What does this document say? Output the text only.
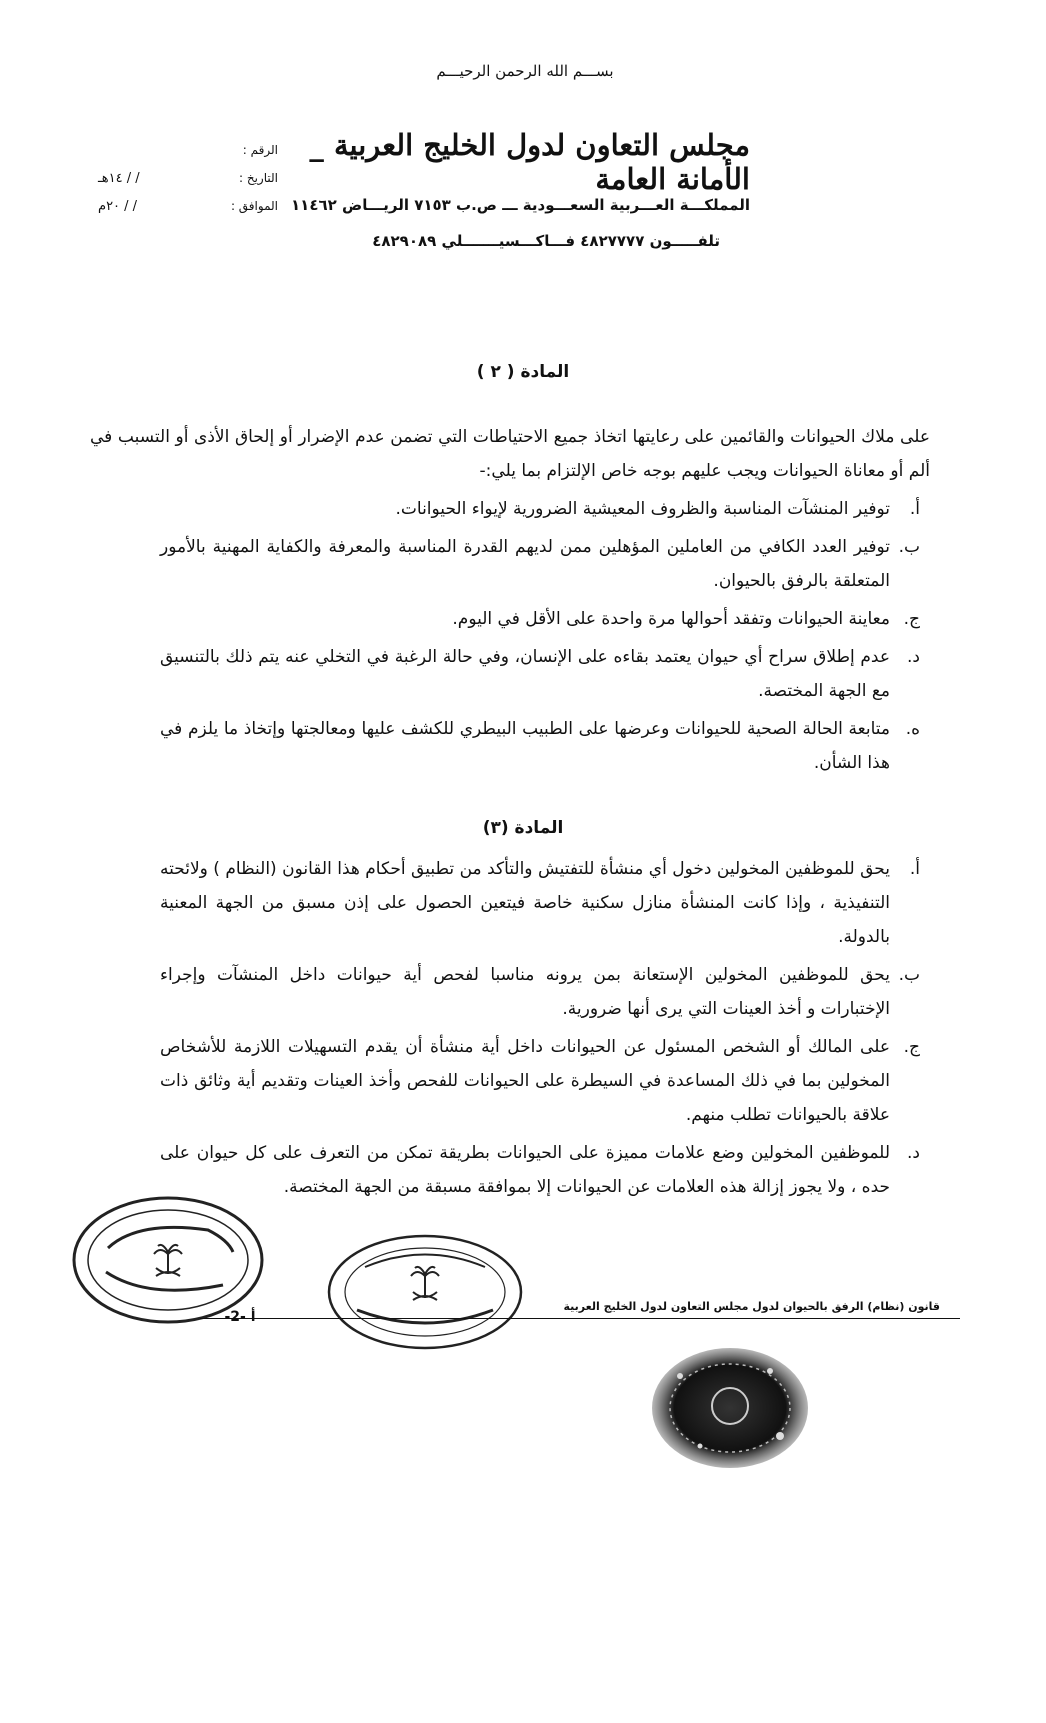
بســـم الله الرحمن الرحيـــم
مجلس التعاون لدول الخليج العربية _ الأمانة العامة
المملكـــة العـــربية السعـــودية ـــ ص.ب ٧١٥٣ الريـــاض ١١٤٦٢
تلفـــــون ٤٨٢٧٧٧٧ فـــاكـــسيـــــــلي ٤٨٢٩٠٨٩
الرقم :
التاريخ :
/ / ١٤هـ
الموافق :
/ / ٢٠م
المادة ( ٢ )
على ملاك الحيوانات والقائمين على رعايتها اتخاذ جميع الاحتياطات التي تضمن عدم الإضرار أو إلحاق الأذى أو التسبب في ألم أو معاناة الحيوانات ويجب عليهم بوجه خاص الإلتزام بما يلي:-
أ.
توفير المنشآت المناسبة والظروف المعيشية الضرورية لإيواء الحيوانات.
ب.
توفير العدد الكافي من العاملين المؤهلين ممن لديهم القدرة المناسبة والمعرفة والكفاية المهنية بالأمور المتعلقة بالرفق بالحيوان.
ج.
معاينة الحيوانات وتفقد أحوالها مرة واحدة على الأقل في اليوم.
د.
عدم إطلاق سراح أي حيوان يعتمد بقاءه على الإنسان، وفي حالة الرغبة في التخلي عنه يتم ذلك بالتنسيق مع الجهة المختصة.
ه.
متابعة الحالة الصحية للحيوانات وعرضها على الطبيب البيطري للكشف عليها ومعالجتها وإتخاذ ما يلزم في هذا الشأن.
المادة (٣)
أ.
يحق للموظفين المخولين دخول أي منشأة للتفتيش والتأكد من تطبيق أحكام هذا القانون (النظام ) ولائحته التنفيذية ، وإذا كانت المنشأة منازل سكنية خاصة فيتعين الحصول على إذن مسبق من الجهة المعنية بالدولة.
ب.
يحق للموظفين المخولين الإستعانة بمن يرونه مناسبا لفحص أية حيوانات داخل المنشآت وإجراء الإختبارات و أخذ العينات التي يرى أنها ضرورية.
ج.
على المالك أو الشخص المسئول عن الحيوانات داخل أية منشأة أن يقدم التسهيلات اللازمة للأشخاص المخولين بما في ذلك المساعدة في السيطرة على الحيوانات للفحص وأخذ العينات وتقديم أية وثائق ذات علاقة بالحيوانات تطلب منهم.
د.
للموظفين المخولين وضع علامات مميزة على الحيوانات بطريقة تمكن من التعرف على كل حيوان على حده ، ولا يجوز إزالة هذه العلامات عن الحيوانات إلا بموافقة مسبقة من الجهة المختصة.
قانون (نظام) الرفق بالحيوان لدول مجلس التعاون لدول الخليج العربية
-2- أ
